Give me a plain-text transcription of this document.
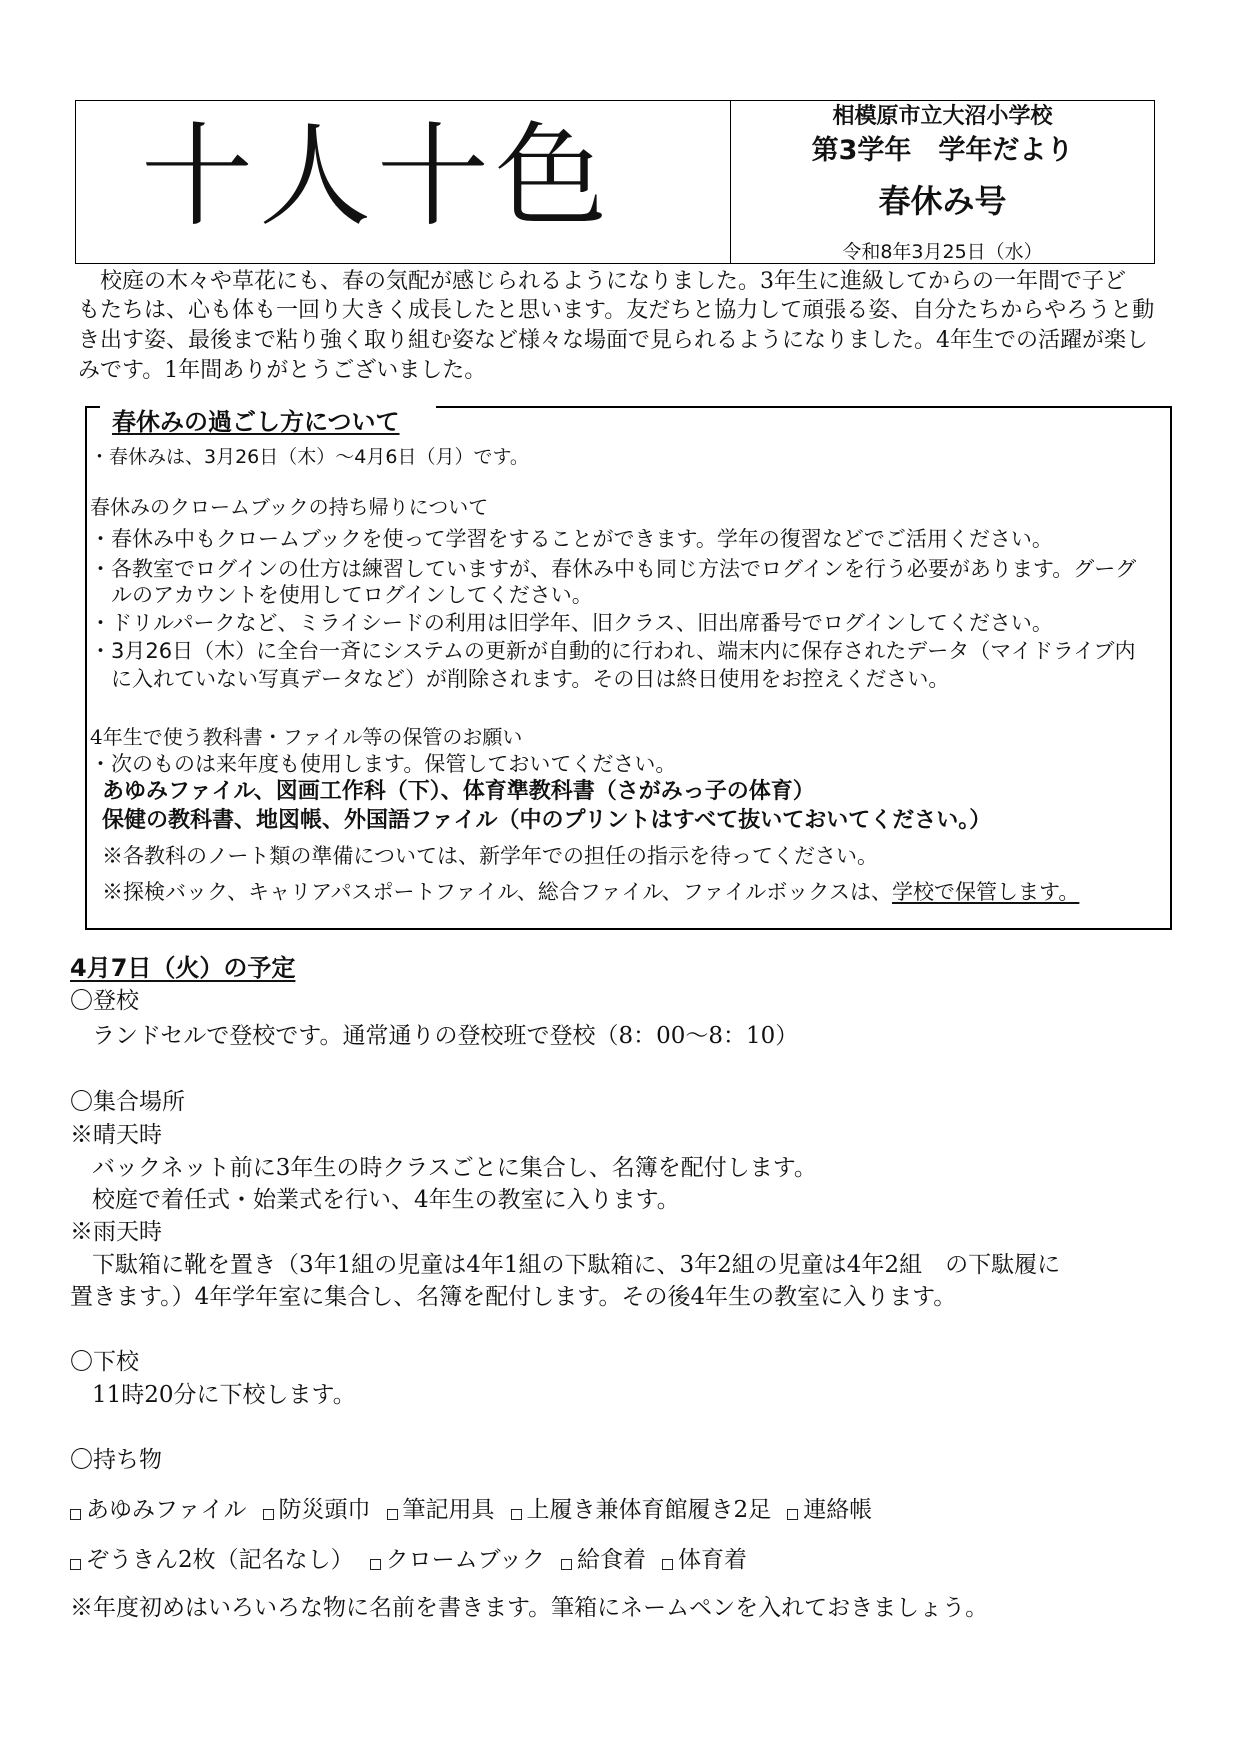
十人十色	相模原市立大沼小学校
第3学年　学年だより
春休み号
令和8年3月25日（水）
校庭の木々や草花にも、春の気配が感じられるようになりました。3年生に進級してからの一年間で子ど
もたちは、心も体も一回り大きく成長したと思います。友だちと協力して頑張る姿、自分たちからやろうと動
き出す姿、最後まで粘り強く取り組む姿など様々な場面で見られるようになりました。4年生での活躍が楽し
みです。1年間ありがとうございました。
春休みの過ごし方について
・春休みは、3月26日（木）～4月6日（月）です。
春休みのクロームブックの持ち帰りについて
・春休み中もクロームブックを使って学習をすることができます。学年の復習などでご活用ください。
・各教室でログインの仕方は練習していますが、春休み中も同じ方法でログインを行う必要があります。グーグ
ルのアカウントを使用してログインしてください。
・ドリルパークなど、ミライシードの利用は旧学年、旧クラス、旧出席番号でログインしてください。
・3月26日（木）に全台一斉にシステムの更新が自動的に行われ、端末内に保存されたデータ（マイドライブ内
に入れていない写真データなど）が削除されます。その日は終日使用をお控えください。
4年生で使う教科書・ファイル等の保管のお願い
・次のものは来年度も使用します。保管しておいてください。
あゆみファイル、図画工作科（下）、体育準教科書（さがみっ子の体育）
保健の教科書、地図帳、外国語ファイル（中のプリントはすべて抜いておいてください。）
※各教科のノート類の準備については、新学年での担任の指示を待ってください。
※探検バック、キャリアパスポートファイル、総合ファイル、ファイルボックスは、学校で保管します。
4月7日（火）の予定
〇登校
ランドセルで登校です。通常通りの登校班で登校（8：00～8：10）
〇集合場所
※晴天時
バックネット前に3年生の時クラスごとに集合し、名簿を配付します。
校庭で着任式・始業式を行い、4年生の教室に入ります。
※雨天時
下駄箱に靴を置き（3年1組の児童は4年1組の下駄箱に、3年2組の児童は4年2組　の下駄履に
置きます。）4年学年室に集合し、名簿を配付します。その後4年生の教室に入ります。
〇下校
11時20分に下校します。
〇持ち物
あゆみファイル 防災頭巾 筆記用具 上履き兼体育館履き2足 連絡帳
ぞうきん2枚（記名なし） クロームブック 給食着 体育着
※年度初めはいろいろな物に名前を書きます。筆箱にネームペンを入れておきましょう。
